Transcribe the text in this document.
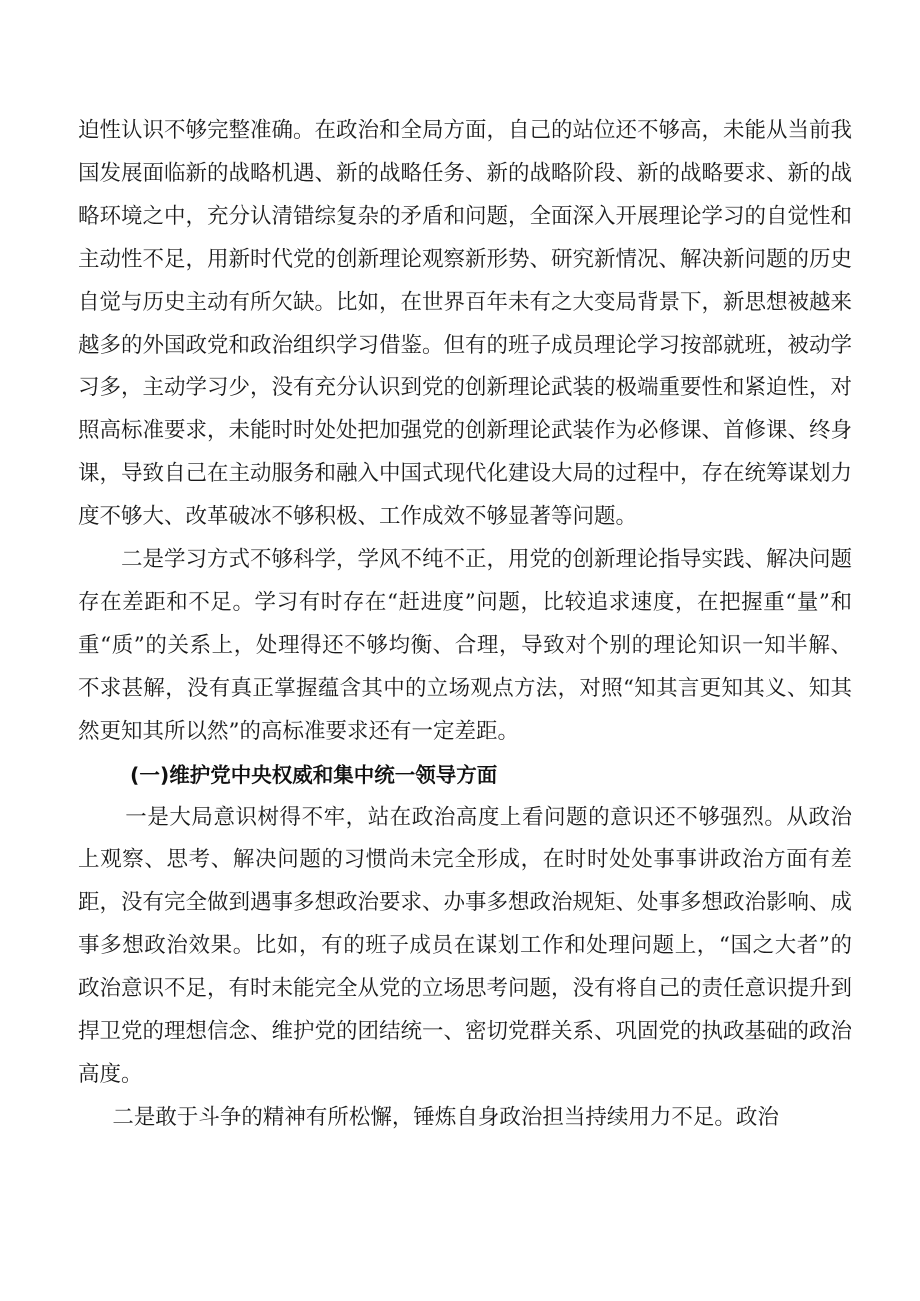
迫性认识不够完整准确。在政治和全局方面，自己的站位还不够高，未能从当前我国发展面临新的战略机遇、新的战略任务、新的战略阶段、新的战略要求、新的战略环境之中，充分认清错综复杂的矛盾和问题，全面深入开展理论学习的自觉性和主动性不足，用新时代党的创新理论观察新形势、研究新情况、解决新问题的历史自觉与历史主动有所欠缺。比如，在世界百年未有之大变局背景下，新思想被越来越多的外国政党和政治组织学习借鉴。但有的班子成员理论学习按部就班，被动学习多，主动学习少，没有充分认识到党的创新理论武装的极端重要性和紧迫性，对照高标准要求，未能时时处处把加强党的创新理论武装作为必修课、首修课、终身课，导致自己在主动服务和融入中国式现代化建设大局的过程中，存在统筹谋划力度不够大、改革破冰不够积极、工作成效不够显著等问题。

二是学习方式不够科学，学风不纯不正，用党的创新理论指导实践、解决问题存在差距和不足。学习有时存在“赶进度”问题，比较追求速度，在把握重“量”和重“质”的关系上，处理得还不够均衡、合理，导致对个别的理论知识一知半解、不求甚解，没有真正掌握蕴含其中的立场观点方法，对照“知其言更知其义、知其然更知其所以然”的高标准要求还有一定差距。

(一)维护党中央权威和集中统一领导方面

一是大局意识树得不牢，站在政治高度上看问题的意识还不够强烈。从政治上观察、思考、解决问题的习惯尚未完全形成，在时时处处事事讲政治方面有差距，没有完全做到遇事多想政治要求、办事多想政治规矩、处事多想政治影响、成事多想政治效果。比如，有的班子成员在谋划工作和处理问题上，“国之大者”的政治意识不足，有时未能完全从党的立场思考问题，没有将自己的责任意识提升到捍卫党的理想信念、维护党的团结统一、密切党群关系、巩固党的执政基础的政治高度。

二是敢于斗争的精神有所松懈，锤炼自身政治担当持续用力不足。政治
